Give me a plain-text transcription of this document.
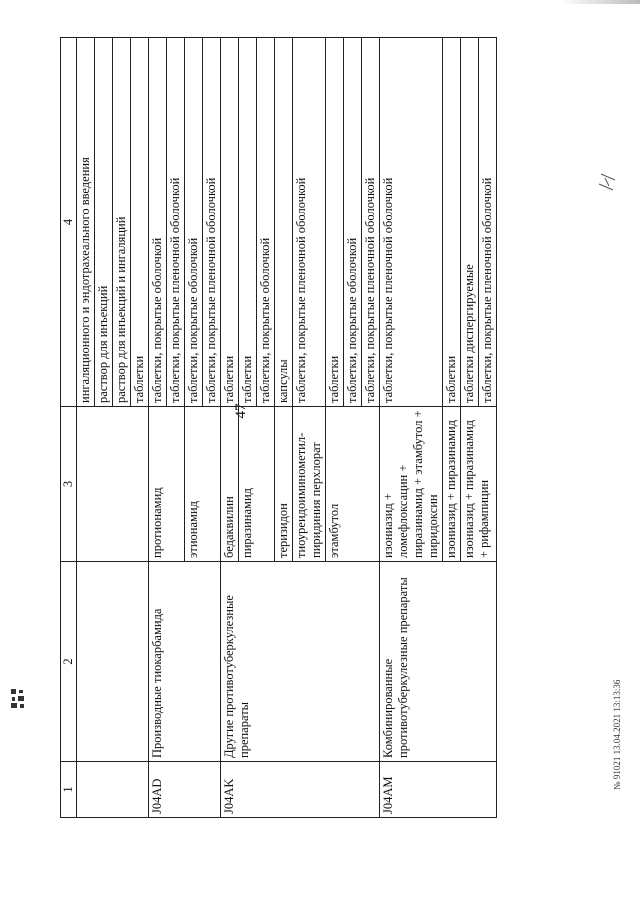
47
1	2	3	4
			ингаляционного и эндотрахеального введения
			раствор для инъекций
			раствор для инъекций и ингаляций
			таблетки
J04AD	Производные тиокарбамида	протионамид	таблетки, покрытые оболочкой
			таблетки, покрытые пленочной оболочкой
		этионамид	таблетки, покрытые оболочкой
			таблетки, покрытые пленочной оболочкой
J04AK	Другие противотуберкулезные препараты	бедаквилин	таблетки
		пиразинамид	таблетки
			таблетки, покрытые оболочкой
		теризидон	капсулы
		тиоуреидоиминометил-пиридиния перхлорат	таблетки, покрытые пленочной оболочкой
		этамбутол	таблетки
			таблетки, покрытые оболочкой
			таблетки, покрытые пленочной оболочкой
J04AM	Комбинированные противотуберкулезные препараты	изониазид + ломефлоксацин + пиразинамид + этамбутол + пиридоксин	таблетки, покрытые пленочной оболочкой
		изониазид + пиразинамид	таблетки
		изониазид + пиразинамид + рифампицин	таблетки диспергируемые
			таблетки, покрытые пленочной оболочкой
№ 91021 13.04.2021 13:13:36
